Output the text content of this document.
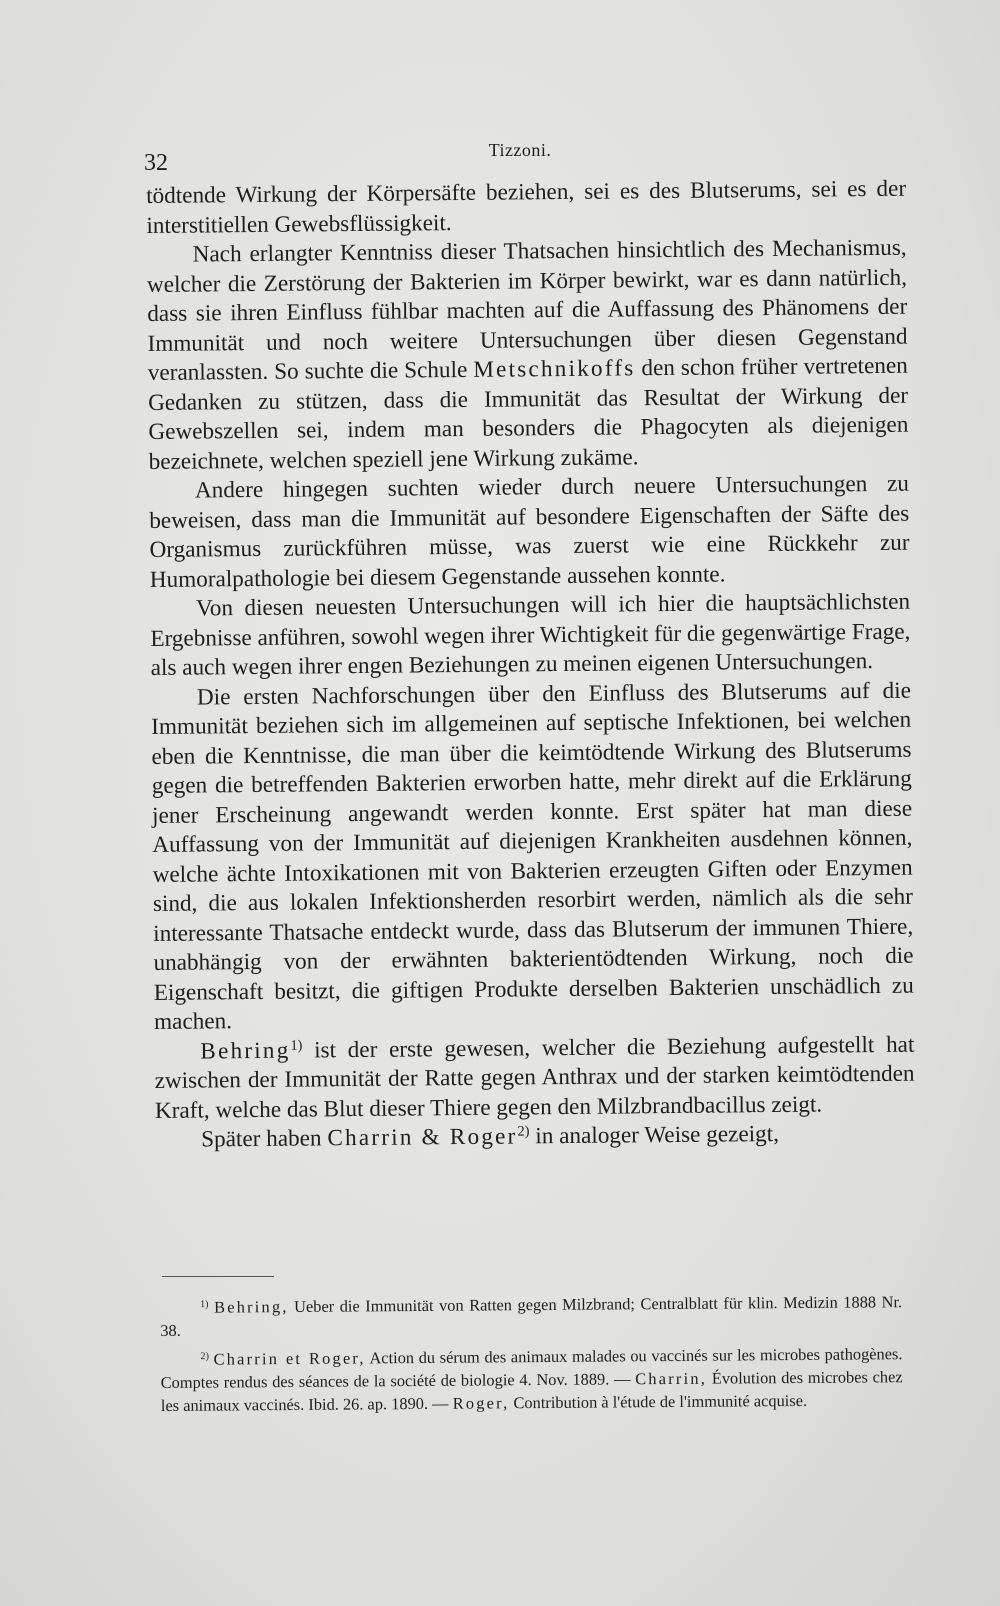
32	Tizzoni.

tödtende Wirkung der Körpersäfte beziehen, sei es des Blutserums, sei es der interstitiellen Gewebsflüssigkeit.

Nach erlangter Kenntniss dieser Thatsachen hinsichtlich des Mechanismus, welcher die Zerstörung der Bakterien im Körper bewirkt, war es dann natürlich, dass sie ihren Einfluss fühlbar machten auf die Auffassung des Phänomens der Immunität und noch weitere Untersuchungen über diesen Gegenstand veranlassten. So suchte die Schule Metschnikoffs den schon früher vertretenen Gedanken zu stützen, dass die Immunität das Resultat der Wirkung der Gewebszellen sei, indem man besonders die Phagocyten als diejenigen bezeichnete, welchen speziell jene Wirkung zukäme.

Andere hingegen suchten wieder durch neuere Untersuchungen zu beweisen, dass man die Immunität auf besondere Eigenschaften der Säfte des Organismus zurückführen müsse, was zuerst wie eine Rückkehr zur Humoralpathologie bei diesem Gegenstande aussehen konnte.

Von diesen neuesten Untersuchungen will ich hier die hauptsächlichsten Ergebnisse anführen, sowohl wegen ihrer Wichtigkeit für die gegenwärtige Frage, als auch wegen ihrer engen Beziehungen zu meinen eigenen Untersuchungen.

Die ersten Nachforschungen über den Einfluss des Blutserums auf die Immunität beziehen sich im allgemeinen auf septische Infektionen, bei welchen eben die Kenntnisse, die man über die keimtödtende Wirkung des Blutserums gegen die betreffenden Bakterien erworben hatte, mehr direkt auf die Erklärung jener Erscheinung angewandt werden konnte. Erst später hat man diese Auffassung von der Immunität auf diejenigen Krankheiten ausdehnen können, welche ächte Intoxikationen mit von Bakterien erzeugten Giften oder Enzymen sind, die aus lokalen Infektionsherden resorbirt werden, nämlich als die sehr interessante Thatsache entdeckt wurde, dass das Blutserum der immunen Thiere, unabhängig von der erwähnten bakterientödtenden Wirkung, noch die Eigenschaft besitzt, die giftigen Produkte derselben Bakterien unschädlich zu machen.

Behring$^{1)}$ ist der erste gewesen, welcher die Beziehung aufgestellt hat zwischen der Immunität der Ratte gegen Anthrax und der starken keimtödtenden Kraft, welche das Blut dieser Thiere gegen den Milzbrandbacillus zeigt.

Später haben Charrin & Roger$^{2)}$ in analoger Weise gezeigt,

$^{1)}$ Behring, Ueber die Immunität von Ratten gegen Milzbrand; Centralblatt für klin. Medizin 1888 Nr. 38.

$^{2)}$ Charrin et Roger, Action du sérum des animaux malades ou vaccinés sur les microbes pathogènes. Comptes rendus des séances de la société de biologie 4. Nov. 1889. — Charrin, Évolution des microbes chez les animaux vaccinés. Ibid. 26. ap. 1890. — Roger, Contribution à l'étude de l'immunité acquise.
